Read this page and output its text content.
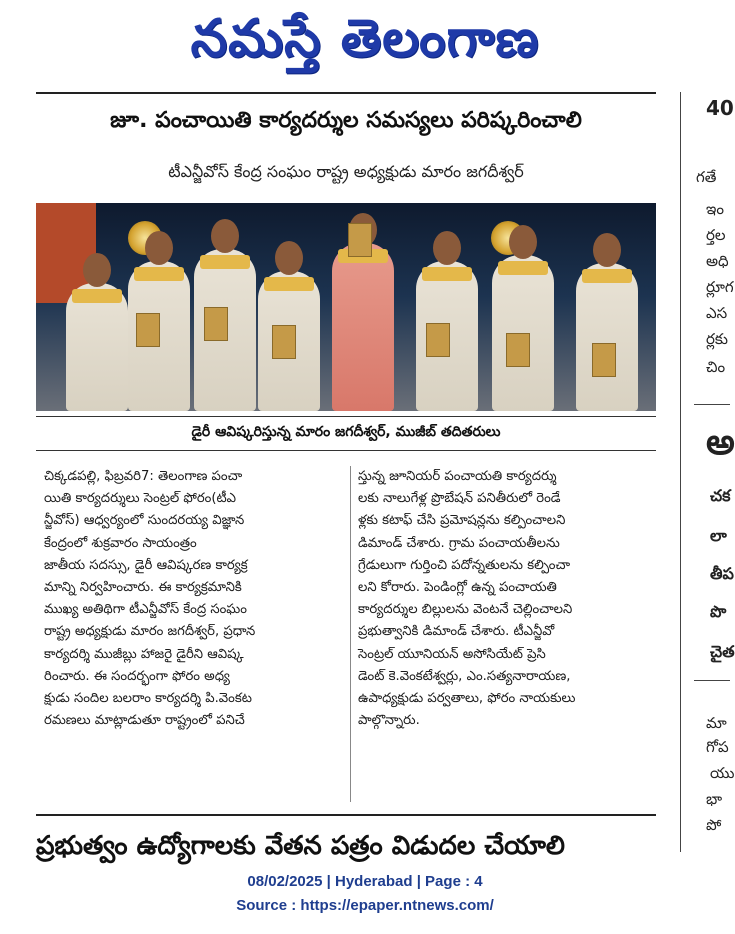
నమస్తే తెలంగాణ
జూ. పంచాయితి కార్యదర్శుల సమస్యలు పరిష్కరించాలి
టీఎన్జీవోస్ కేంద్ర సంఘం రాష్ట్ర అధ్యక్షుడు మారం జగదీశ్వర్
డైరీ ఆవిష్కరిస్తున్న మారం జగదీశ్వర్, ముజీబ్ తదితరులు
చిక్కడపల్లి, ఫిబ్రవరి7: తెలంగాణ పంచా
యితి కార్యదర్శులు సెంట్రల్ ఫోరం(టీఎ
న్జీవోస్) ఆధ్వర్యంలో సుందరయ్య విజ్ఞాన
కేంద్రంలో శుక్రవారం సాయంత్రం
జాతీయ సదస్సు, డైరీ ఆవిష్కరణ కార్యక్ర
మాన్ని నిర్వహించారు. ఈ కార్యక్రమానికి
ముఖ్య అతిథిగా టీఎన్జీవోస్ కేంద్ర సంఘం
రాష్ట్ర అధ్యక్షుడు మారం జగదీశ్వర్, ప్రధాన
కార్యదర్శి ముజీబ్లు హాజరై డైరీని ఆవిష్క
రించారు. ఈ సందర్భంగా ఫోరం అధ్య
క్షుడు సందిల బలరాం కార్యదర్శి పి.వెంకట
రమణలు మాట్లాడుతూ రాష్ట్రంలో పనిచే
స్తున్న జూనియర్ పంచాయతి కార్యదర్శు
లకు నాలుగేళ్ల ప్రొబేషన్ పనితీరులో రెండే
ళ్లకు కటాఫ్ చేసి ప్రమోషన్లను కల్పించాలని
డిమాండ్ చేశారు. గ్రామ పంచాయతీలను
గ్రేడులుగా గుర్తించి పదోన్నతులను కల్పించా
లని కోరారు. పెండింగ్లో ఉన్న పంచాయతి
కార్యదర్శుల బిల్లులను వెంటనే చెల్లించాలని
ప్రభుత్వానికి డిమాండ్ చేశారు. టీఎన్జీవో
సెంట్రల్ యూనియన్ అసోసియేట్ ప్రెసి
డెంట్ కె.వెంకటేశ్వర్లు, ఎం.సత్యనారాయణ,
ఉపాధ్యక్షుడు పర్వతాలు, ఫోరం నాయకులు
పాల్గొన్నారు.
ప్రభుత్వం ఉద్యోగాలకు వేతన పత్రం విడుదల చేయాలి
40
గతే
ఇం
ర్తల
అధి
ర్లూగ
ఎస
ర్లకు
చిం
అ
చక
లా
తీప
పొ
చైత
మా
గోప
యు
భా
పో
08/02/2025 | Hyderabad | Page : 4
Source : https://epaper.ntnews.com/
